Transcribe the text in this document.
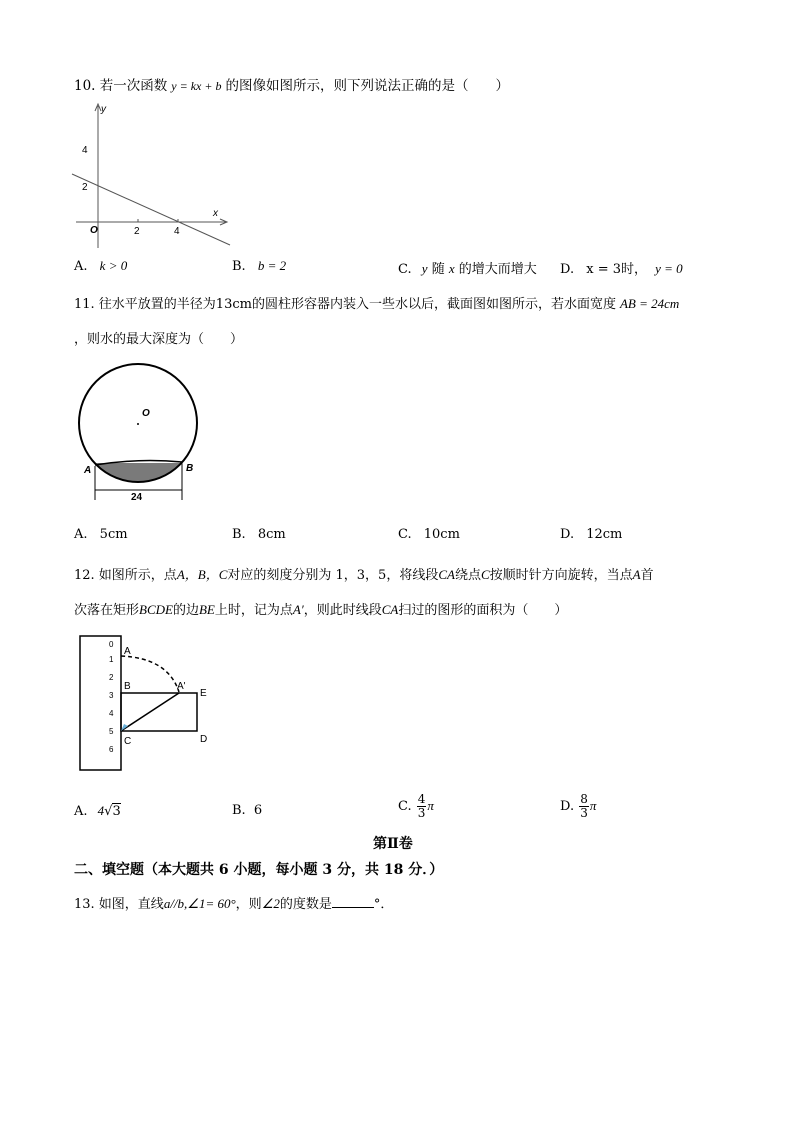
10. 若一次函数 y = kx + b 的图像如图所示，则下列说法正确的是（　　）
y
x
O
4
2
2	4
A. k > 0	B. b = 2	C. y 随 x 的增大而增大 D. x = 3时， y = 0
11. 往水平放置的半径为13cm的圆柱形容器内装入一些水以后，截面图如图所示，若水面宽度 AB = 24cm
，则水的最大深度为（　　）
O
A	B
24
A. 5cm	B. 8cm	C. 10cm	D. 12cm
12. 如图所示，点A，B，C对应的刻度分别为 1，3，5，将线段CA绕点C按顺时针方向旋转，当点A首
次落在矩形BCDE的边BE上时，记为点A′，则此时线段CA扫过的图形的面积为（　　）
0
1
2
3
4
5
6
A
A'
B
E
C	D
A. 4√3	B. 6	C. $\frac{4}{3}$ π	D. $\frac{8}{3}$ π
第Ⅱ卷
二、填空题（本大题共 6 小题，每小题 3 分，共 18 分．）
13. 如图，直线a//b,∠1= 60°，则∠2的度数是	°．
